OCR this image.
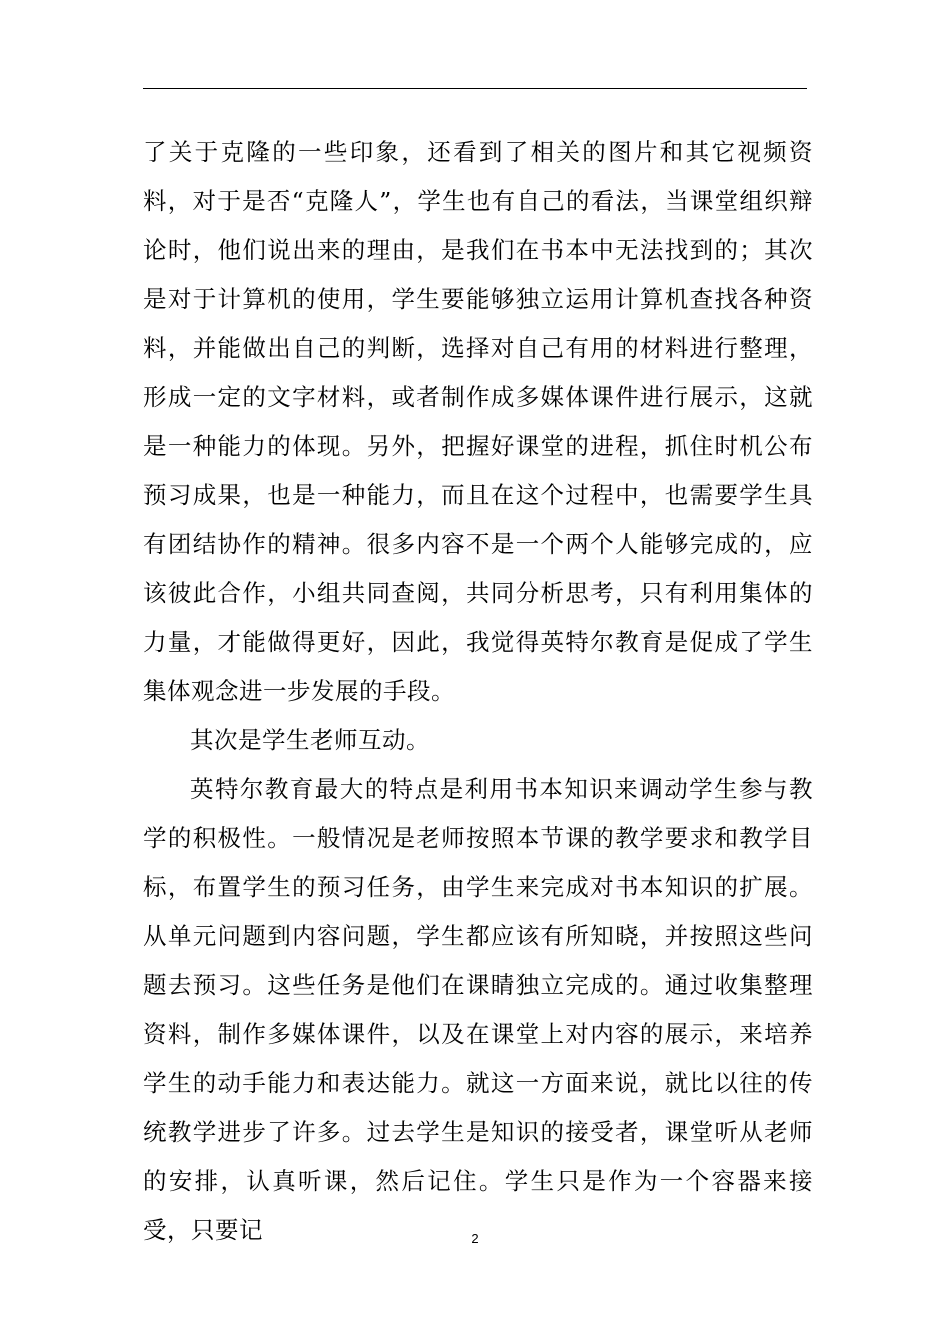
了关于克隆的一些印象，还看到了相关的图片和其它视频资料，对于是否“克隆人”，学生也有自己的看法，当课堂组织辩论时，他们说出来的理由，是我们在书本中无法找到的；其次是对于计算机的使用，学生要能够独立运用计算机查找各种资料，并能做出自己的判断，选择对自己有用的材料进行整理，形成一定的文字材料，或者制作成多媒体课件进行展示，这就是一种能力的体现。另外，把握好课堂的进程，抓住时机公布预习成果，也是一种能力，而且在这个过程中，也需要学生具有团结协作的精神。很多内容不是一个两个人能够完成的，应该彼此合作，小组共同查阅，共同分析思考，只有利用集体的力量，才能做得更好，因此，我觉得英特尔教育是促成了学生集体观念进一步发展的手段。

其次是学生老师互动。

英特尔教育最大的特点是利用书本知识来调动学生参与教学的积极性。一般情况是老师按照本节课的教学要求和教学目标，布置学生的预习任务，由学生来完成对书本知识的扩展。从单元问题到内容问题，学生都应该有所知晓，并按照这些问题去预习。这些任务是他们在课睛独立完成的。通过收集整理资料，制作多媒体课件，以及在课堂上对内容的展示，来培养学生的动手能力和表达能力。就这一方面来说，就比以往的传统教学进步了许多。过去学生是知识的接受者，课堂听从老师的安排，认真听课，然后记住。学生只是作为一个容器来接受，只要记	2
